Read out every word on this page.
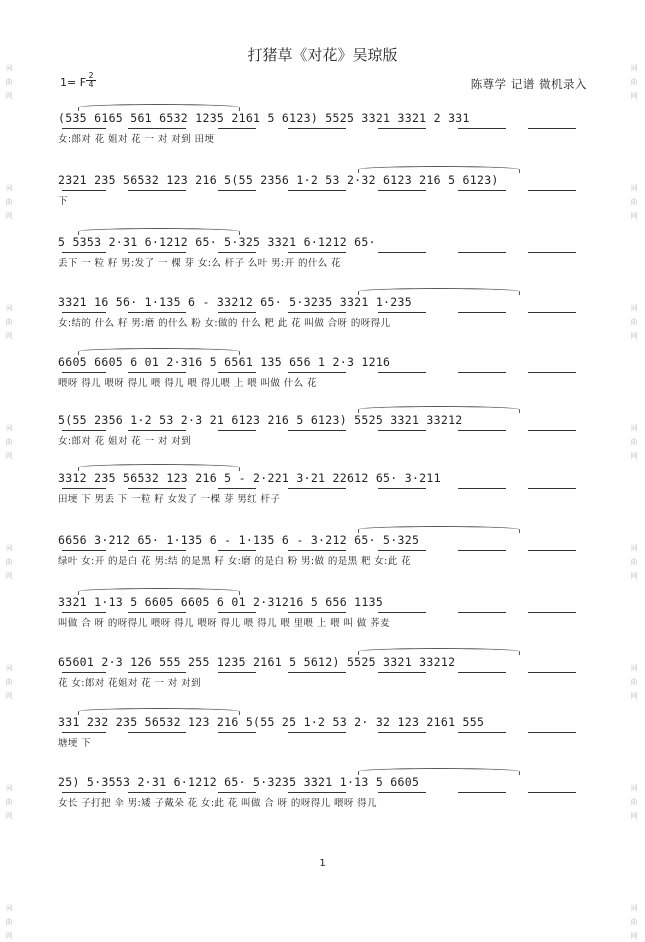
词
曲
网
词
曲
网
词
曲
网
词
曲
网
词
曲
网
词
曲
网
词
曲
网
词
曲
网
词
曲
网
词
曲
网
词
曲
网
词
曲
网
词
曲
网
词
曲
网
词
曲
网
词
曲
网
打猪草《对花》吴琼版
1= F
2
4	陈尊学 记谱 微机录入
(535 6165 561 6532 1235 2161 5 6123) 5525 3321 3321 2 331
女:郎对 花 姐对 花 一 对 对到 田埂
2321 235 56532 123 216 5(55 2356 1·2 53 2·32 6123 216 5 6123)
下
5 5353 2·31 6·1212 65· 5·325 3321 6·1212 65·
丢下 一 粒 籽 男:发了 一 棵 芽 女:么 杆子 么叶 男:开 的什么 花
3321 16 56· 1·135 6 - 33212 65· 5·3235 3321 1·235
女:结的 什么 籽 男:磨 的什么 粉 女:做的 什么 粑 此 花 叫做 合呀 的呀得儿
6605 6605 6 01 2·316 5 6561 135 656 1 2·3 1216
喂呀 得儿 喂呀 得儿 喂 得儿 喂 得儿喂 上 喂 叫做 什么 花
5(55 2356 1·2 53 2·3 21 6123 216 5 6123) 5525 3321 33212
女:郎对 花 姐对 花 一 对 对到
3312 235 56532 123 216 5 - 2·221 3·21 22612 65· 3·211
田埂 下 男丢 下 一粒 籽 女发了 一棵 芽 男红 杆子
6656 3·212 65· 1·135 6 - 1·135 6 - 3·212 65· 5·325
绿叶 女:开 的是白 花 男:结 的是黑 籽 女:磨 的是白 粉 男:做 的是黑 粑 女:此 花
3321 1·13 5 6605 6605 6 01 2·31216 5 656 1135
叫做 合 呀 的呀得儿 喂呀 得儿 喂呀 得儿 喂 得儿 喂 里喂 上 喂 叫 做 荞麦
65601 2·3 126 555 255 1235 2161 5 5612) 5525 3321 33212
花 女:郎对 花姐对 花 一 对 对到
331 232 235 56532 123 216 5(55 25 1·2 53 2· 32 123 2161 555
塘埂 下
25) 5·3553 2·31 6·1212 65· 5·3235 3321 1·13 5 6605
女长 子打把 伞 男:矮 子戴朵 花 女:此 花 叫做 合 呀 的呀得儿 喂呀 得儿
1
